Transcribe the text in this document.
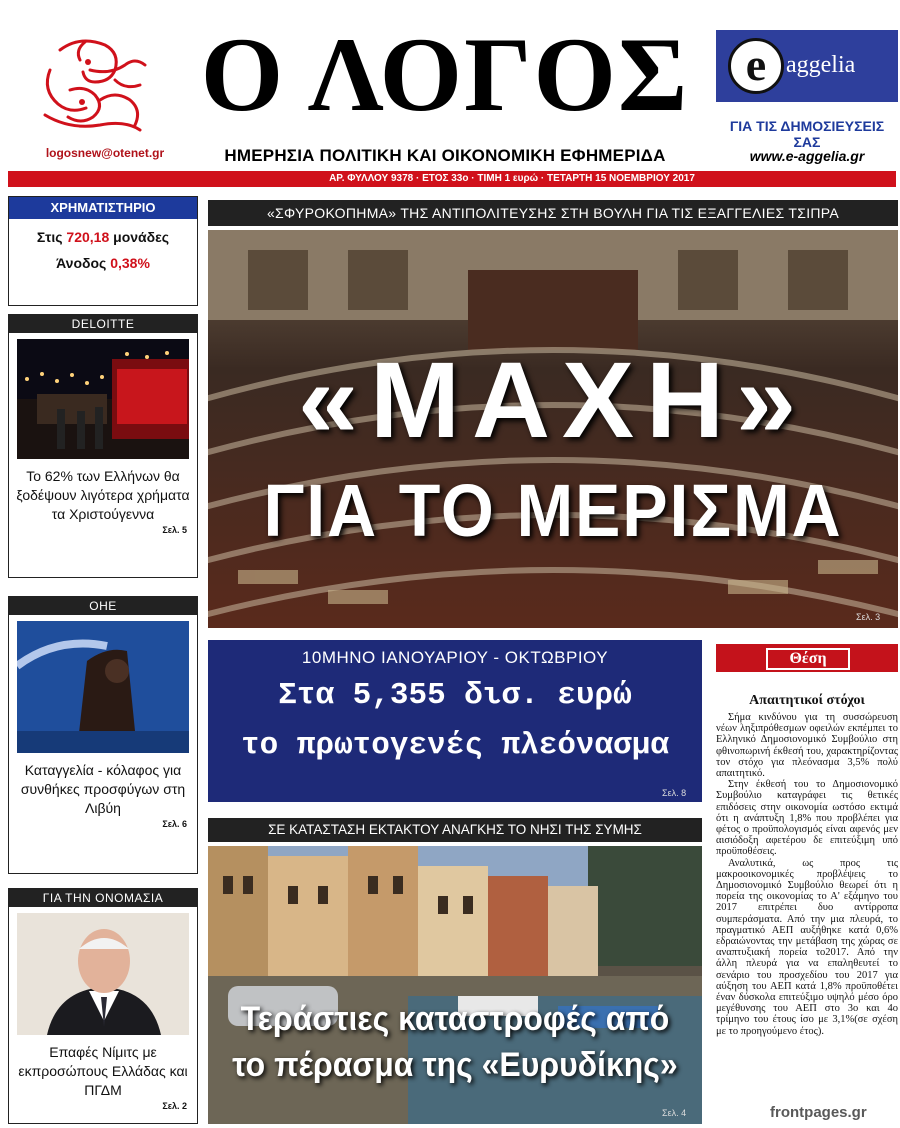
logosnew@otenet.gr
Ο ΛΟΓΟΣ
ΗΜΕΡΗΣΙΑ ΠΟΛΙΤΙΚΗ ΚΑΙ ΟΙΚΟΝΟΜΙΚΗ ΕΦΗΜΕΡΙΔΑ
e aggelia
ΓΙΑ ΤΙΣ ΔΗΜΟΣΙΕΥΣΕΙΣ ΣΑΣ
www.e-aggelia.gr
ΑΡ. ΦΥΛΛΟΥ 9378 · ΕΤΟΣ 33ο · ΤΙΜΗ 1 ευρώ · ΤΕΤΑΡΤΗ 15 ΝΟΕΜΒΡΙΟΥ 2017
ΧΡΗΜΑΤΙΣΤΗΡΙΟ
Στις 720,18 μονάδες
Άνοδος 0,38%
DELOITTE
Το 62% των Ελλήνων θα ξοδέψουν λιγότερα χρήματα τα Χριστούγεννα
Σελ. 5
ΟΗΕ
Καταγγελία - κόλαφος για συνθήκες προσφύγων στη Λιβύη
Σελ. 6
ΓΙΑ ΤΗΝ ΟΝΟΜΑΣΙΑ
Επαφές Νίμιτς με εκπροσώπους Ελλάδας και ΠΓΔΜ
Σελ. 2
«ΣΦΥΡΟΚΟΠΗΜΑ» ΤΗΣ ΑΝΤΙΠΟΛΙΤΕΥΣΗΣ ΣΤΗ ΒΟΥΛΗ ΓΙΑ ΤΙΣ ΕΞΑΓΓΕΛΙΕΣ ΤΣΙΠΡΑ
«ΜΑΧΗ»
ΓΙΑ ΤΟ ΜΕΡΙΣΜΑ
Σελ. 3
10ΜΗΝΟ ΙΑΝΟΥΑΡΙΟΥ - ΟΚΤΩΒΡΙΟΥ
Στα 5,355 δισ. ευρώ
το πρωτογενές πλεόνασμα
Σελ. 8
ΣΕ ΚΑΤΑΣΤΑΣΗ ΕΚΤΑΚΤΟΥ ΑΝΑΓΚΗΣ ΤΟ ΝΗΣΙ ΤΗΣ ΣΥΜΗΣ
Τεράστιες καταστροφές από
το πέρασμα της «Ευρυδίκης»
Σελ. 4
Θέση
Απαιτητικοί στόχοι

Σήμα κινδύνου για τη συσσώρευση νέων ληξιπρόθεσμων οφειλών εκπέμπει το Ελληνικό Δημοσιονομικό Συμβούλιο στη φθινοπωρινή έκθεσή του, χαρακτηρίζοντας τον στόχο για πλεόνασμα 3,5% πολύ απαιτητικό.

Στην έκθεσή του το Δημοσιονομικό Συμβούλιο καταγράφει τις θετικές επιδόσεις στην οικονομία ωστόσο εκτιμά ότι η ανάπτυξη 1,8% που προβλέπει για φέτος ο προϋπολογισμός είναι αφενός μεν αισιόδοξη αφετέρου δε επιτεύξιμη υπό προϋποθέσεις.

Αναλυτικά, ως προς τις μακροοικονομικές προβλέψεις το Δημοσιονομικό Συμβούλιο θεωρεί ότι η πορεία της οικονομίας το Α' εξάμηνο του 2017 επιτρέπει δυο αντίρροπα συμπεράσματα. Από την μια πλευρά, το πραγματικό ΑΕΠ αυξήθηκε κατά 0,6% εδραιώνοντας την μετάβαση της χώρας σε αναπτυξιακή πορεία το2017. Από την άλλη πλευρά για να επαληθευτεί το σενάριο του προσχεδίου του 2017 για αύξηση του ΑΕΠ κατά 1,8% προϋποθέτει έναν δύσκολα επιτεύξιμο υψηλό μέσο όρο μεγέθυνσης του ΑΕΠ στο 3ο και 4ο τρίμηνο του έτους ίσο με 3,1%(σε σχέση με το προηγούμενο έτος).

frontpages.gr
